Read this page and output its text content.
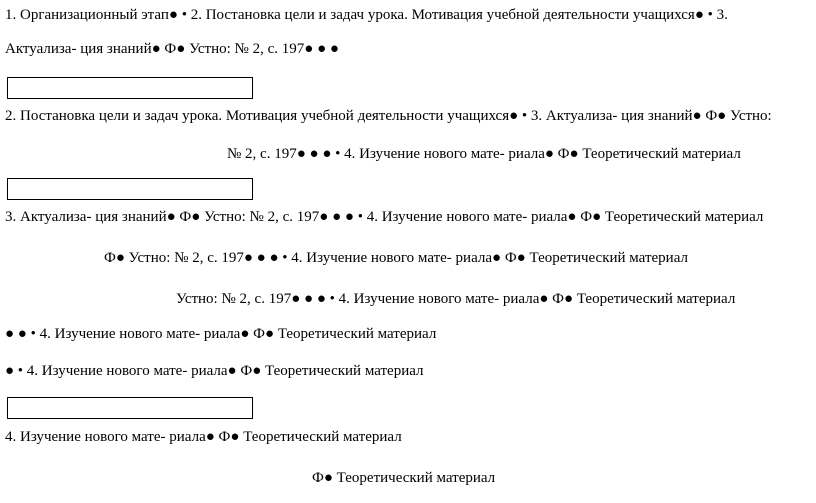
1. Организационный этап● • 2. Постановка цели и задач урока. Мотивация учебной деятельности учащихся● • 3.
Актуализа- ция знаний● Ф● Устно: № 2, с. 197● ● ●
2. Постановка цели и задач урока. Мотивация учебной деятельности учащихся● • 3. Актуализа- ция знаний● Ф● Устно:
№ 2, с. 197● ● ● • 4. Изучение нового мате- риала● Ф● Теоретический материал
3. Актуализа- ция знаний● Ф● Устно: № 2, с. 197● ● ● • 4. Изучение нового мате- риала● Ф● Теоретический материал
Ф● Устно: № 2, с. 197● ● ● • 4. Изучение нового мате- риала● Ф● Теоретический материал
Устно: № 2, с. 197● ● ● • 4. Изучение нового мате- риала● Ф● Теоретический материал
● ● • 4. Изучение нового мате- риала● Ф● Теоретический материал
● • 4. Изучение нового мате- риала● Ф● Теоретический материал
4. Изучение нового мате- риала● Ф● Теоретический материал
Ф● Теоретический материал
